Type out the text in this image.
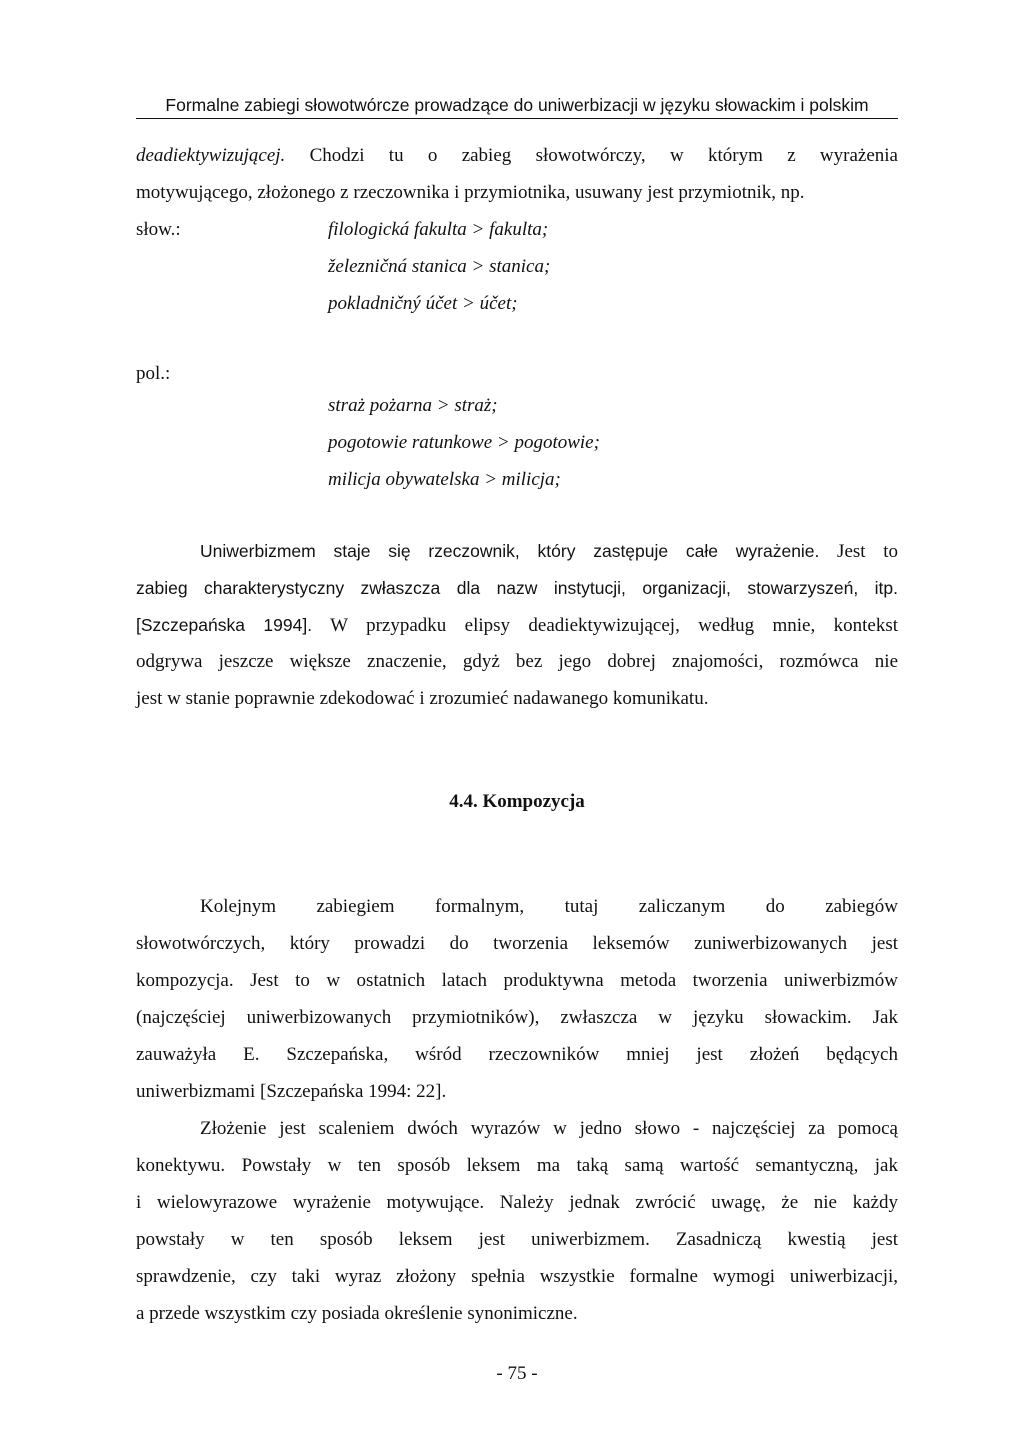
Formalne zabiegi słowotwórcze prowadzące do uniwerbizacji w języku słowackim i polskim
deadiektywizującej. Chodzi tu o zabieg słowotwórczy, w którym z wyrażenia
motywującego, złożonego z rzeczownika i przymiotnika, usuwany jest przymiotnik, np.
słow.:	filologická fakulta > fakulta;
železničná stanica > stanica;
pokladničný účet > účet;
pol.:
straż pożarna > straż;
pogotowie ratunkowe > pogotowie;
milicja obywatelska > milicja;
Uniwerbizmem staje się rzeczownik, który zastępuje całe wyrażenie. Jest to
zabieg charakterystyczny zwłaszcza dla nazw instytucji, organizacji, stowarzyszeń, itp.
[Szczepańska 1994]. W przypadku elipsy deadiektywizującej, według mnie, kontekst
odgrywa jeszcze większe znaczenie, gdyż bez jego dobrej znajomości, rozmówca nie
jest w stanie poprawnie zdekodować i zrozumieć nadawanego komunikatu.
4.4. Kompozycja
Kolejnym zabiegiem formalnym, tutaj zaliczanym do zabiegów
słowotwórczych, który prowadzi do tworzenia leksemów zuniwerbizowanych jest
kompozycja. Jest to w ostatnich latach produktywna metoda tworzenia uniwerbizmów
(najczęściej uniwerbizowanych przymiotników), zwłaszcza w języku słowackim. Jak
zauważyła E. Szczepańska, wśród rzeczowników mniej jest złożeń będących
uniwerbizmami [Szczepańska 1994: 22].
Złożenie jest scaleniem dwóch wyrazów w jedno słowo - najczęściej za pomocą
konektywu. Powstały w ten sposób leksem ma taką samą wartość semantyczną, jak
i wielowyrazowe wyrażenie motywujące. Należy jednak zwrócić uwagę, że nie każdy
powstały w ten sposób leksem jest uniwerbizmem. Zasadniczą kwestią jest
sprawdzenie, czy taki wyraz złożony spełnia wszystkie formalne wymogi uniwerbizacji,
a przede wszystkim czy posiada określenie synonimiczne.
- 75 -
